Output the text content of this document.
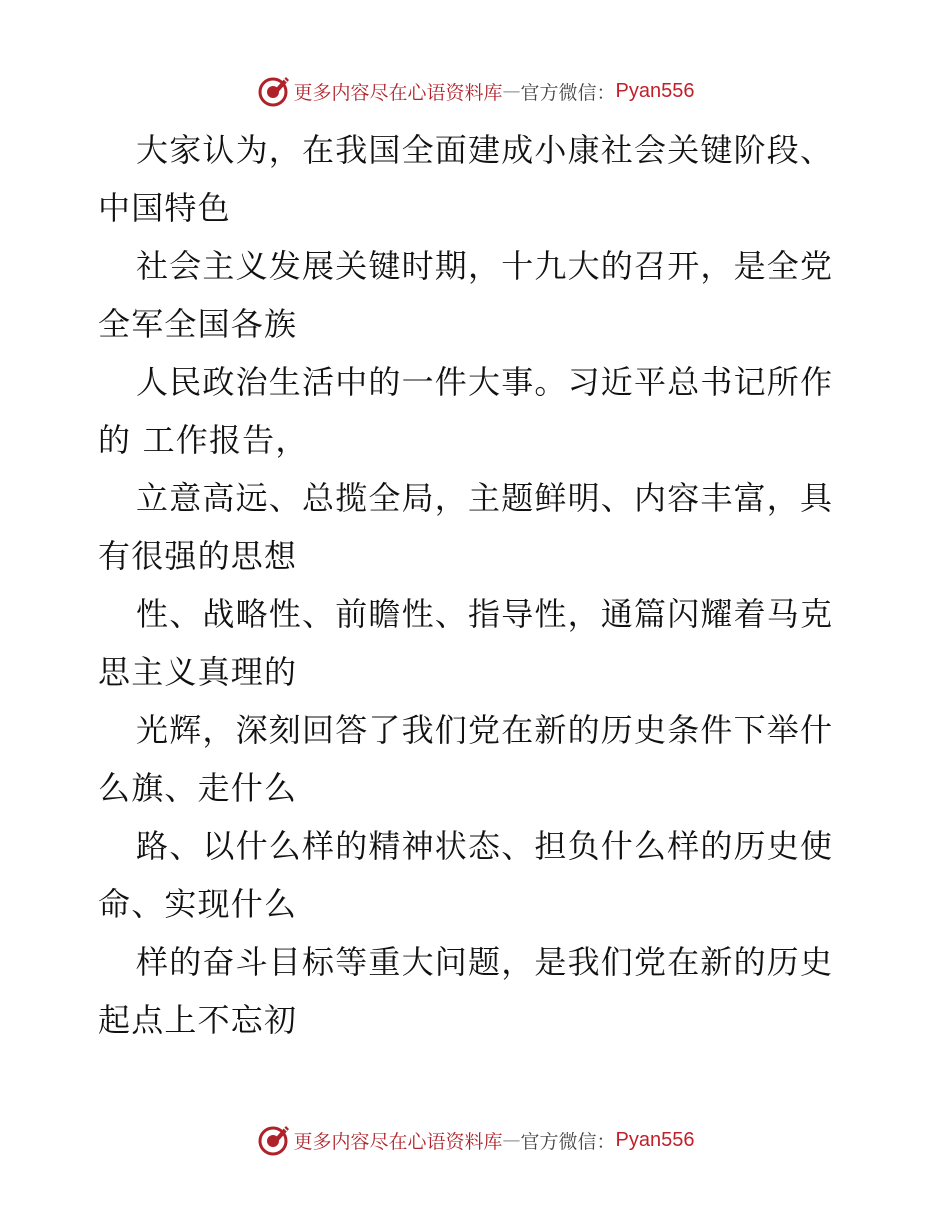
更多内容尽在心语资料库 — 官方微信： Pyan556
大家认为，在我国全面建成小康社会关键阶段、
中国特色
社会主义发展关键时期，十九大的召开，是全党
全军全国各族
人民政治生活中的一件大事。习近平总书记所作
的 工作报告，
立意高远、总揽全局，主题鲜明、内容丰富，具
有很强的思想
性、战略性、前瞻性、指导性，通篇闪耀着马克
思主义真理的
光辉，深刻回答了我们党在新的历史条件下举什
么旗、走什么
路、以什么样的精神状态、担负什么样的历史使
命、实现什么
样的奋斗目标等重大问题，是我们党在新的历史
起点上不忘初
更多内容尽在心语资料库 — 官方微信： Pyan556
